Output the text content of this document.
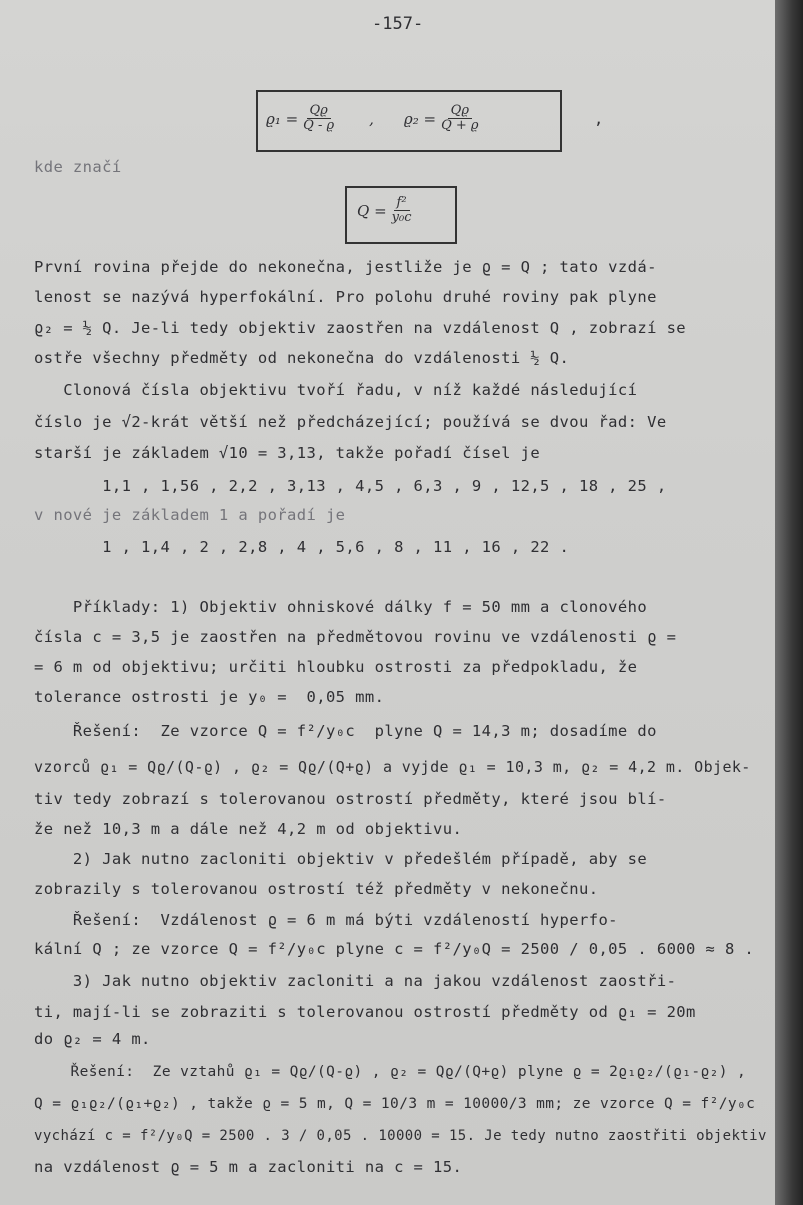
-157-
$ϱ_1 = \frac{Qϱ}{Q - ϱ}$ , $ϱ_2 = \frac{Qϱ}{Q + ϱ}$	,
kde značí
$Q = \frac{\text{f²}}{\text{y₀c}}$
První rovina přejde do nekonečna, jestliže je ϱ = Q ; tato vzdá-
lenost se nazývá hyperfokální. Pro polohu druhé roviny pak plyne
ϱ₂ = ½ Q. Je-li tedy objektiv zaostřen na vzdálenost Q , zobrazí se
ostře všechny předměty od nekonečna do vzdálenosti ½ Q.
Clonová čísla objektivu tvoří řadu, v níž každé následující
číslo je √2-krát větší než předcházející; používá se dvou řad: Ve
starší je základem √10 = 3,13, takže pořadí čísel je
1,1 , 1,56 , 2,2 , 3,13 , 4,5 , 6,3 , 9 , 12,5 , 18 , 25 ,
v nové je základem 1 a pořadí je
1 , 1,4 , 2 , 2,8 , 4 , 5,6 , 8 , 11 , 16 , 22 .
Příklady: 1) Objektiv ohniskové dálky f = 50 mm a clonového
čísla c = 3,5 je zaostřen na předmětovou rovinu ve vzdálenosti ϱ =
= 6 m od objektivu; určiti hloubku ostrosti za předpokladu, že
tolerance ostrosti je y₀ =  0,05 mm.
Řešení:  Ze vzorce Q = f²/y₀c  plyne Q = 14,3 m; dosadíme do
vzorců ϱ₁ = Qϱ/(Q-ϱ) , ϱ₂ = Qϱ/(Q+ϱ) a vyjde ϱ₁ = 10,3 m, ϱ₂ = 4,2 m. Objek-
tiv tedy zobrazí s tolerovanou ostrostí předměty, které jsou blí-
že než 10,3 m a dále než 4,2 m od objektivu.
2) Jak nutno zacloniti objektiv v předešlém případě, aby se
zobrazily s tolerovanou ostrostí též předměty v nekonečnu.
Řešení:  Vzdálenost ϱ = 6 m má býti vzdáleností hyperfo-
kální Q ; ze vzorce Q = f²/y₀c plyne c = f²/y₀Q = 2500 / 0,05 . 6000 ≈ 8 .
3) Jak nutno objektiv zacloniti a na jakou vzdálenost zaostři-
ti, mají-li se zobraziti s tolerovanou ostrostí předměty od ϱ₁ = 20m
do ϱ₂ = 4 m.
Řešení:  Ze vztahů ϱ₁ = Qϱ/(Q-ϱ) , ϱ₂ = Qϱ/(Q+ϱ) plyne ϱ = 2ϱ₁ϱ₂/(ϱ₁-ϱ₂) ,
Q = ϱ₁ϱ₂/(ϱ₁+ϱ₂) , takže ϱ = 5 m, Q = 10/3 m = 10000/3 mm; ze vzorce Q = f²/y₀c
vychází c = f²/y₀Q = 2500 . 3 / 0,05 . 10000 = 15. Je tedy nutno zaostřiti objektiv
na vzdálenost ϱ = 5 m a zacloniti na c = 15.
